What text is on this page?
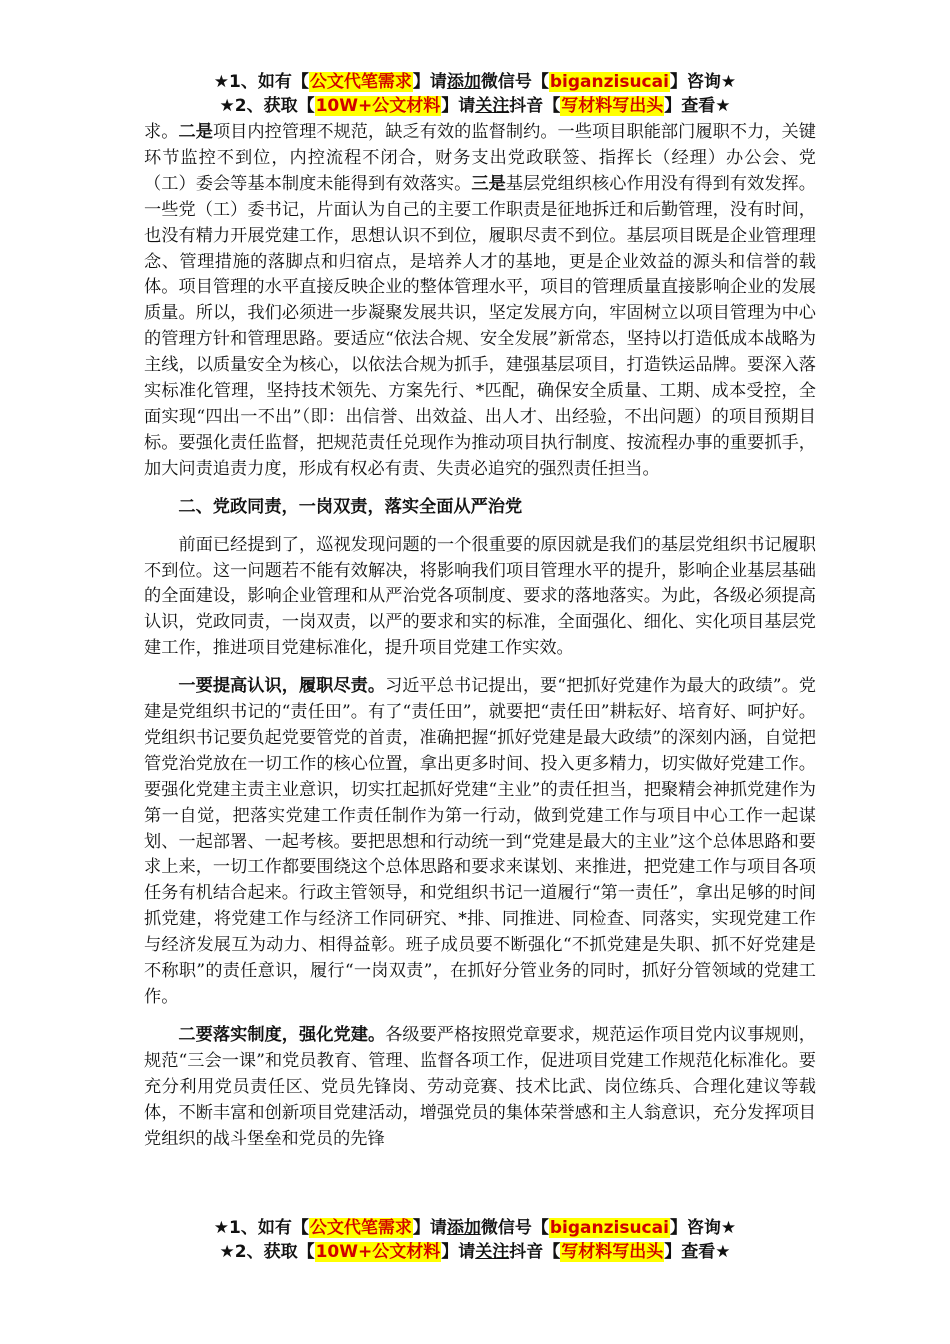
★1、如有【公文代笔需求】请添加微信号【biganzisucai】咨询★
★2、获取【10W+公文材料】请关注抖音【写材料写出头】查看★

求。二是项目内控管理不规范，缺乏有效的监督制约。一些项目职能部门履职不力，关键环节监控不到位，内控流程不闭合，财务支出党政联签、指挥长（经理）办公会、党（工）委会等基本制度未能得到有效落实。三是基层党组织核心作用没有得到有效发挥。一些党（工）委书记，片面认为自己的主要工作职责是征地拆迁和后勤管理，没有时间，也没有精力开展党建工作，思想认识不到位，履职尽责不到位。基层项目既是企业管理理念、管理措施的落脚点和归宿点，是培养人才的基地，更是企业效益的源头和信誉的载体。项目管理的水平直接反映企业的整体管理水平，项目的管理质量直接影响企业的发展质量。所以，我们必须进一步凝聚发展共识，坚定发展方向，牢固树立以项目管理为中心的管理方针和管理思路。要适应“依法合规、安全发展”新常态，坚持以打造低成本战略为主线，以质量安全为核心，以依法合规为抓手，建强基层项目，打造铁运品牌。要深入落实标准化管理，坚持技术领先、方案先行、*匹配，确保安全质量、工期、成本受控，全面实现“四出一不出”（即：出信誉、出效益、出人才、出经验，不出问题）的项目预期目标。要强化责任监督，把规范责任兑现作为推动项目执行制度、按流程办事的重要抓手，加大问责追责力度，形成有权必有责、失责必追究的强烈责任担当。

二、党政同责，一岗双责，落实全面从严治党

前面已经提到了，巡视发现问题的一个很重要的原因就是我们的基层党组织书记履职不到位。这一问题若不能有效解决，将影响我们项目管理水平的提升，影响企业基层基础的全面建设，影响企业管理和从严治党各项制度、要求的落地落实。为此，各级必须提高认识，党政同责，一岗双责，以严的要求和实的标准，全面强化、细化、实化项目基层党建工作，推进项目党建标准化，提升项目党建工作实效。

一要提高认识，履职尽责。习近平总书记提出，要“把抓好党建作为最大的政绩”。党建是党组织书记的“责任田”。有了“责任田”，就要把“责任田”耕耘好、培育好、呵护好。党组织书记要负起党要管党的首责，准确把握“抓好党建是最大政绩”的深刻内涵，自觉把管党治党放在一切工作的核心位置，拿出更多时间、投入更多精力，切实做好党建工作。要强化党建主责主业意识，切实扛起抓好党建“主业”的责任担当，把聚精会神抓党建作为第一自觉，把落实党建工作责任制作为第一行动，做到党建工作与项目中心工作一起谋划、一起部署、一起考核。要把思想和行动统一到“党建是最大的主业”这个总体思路和要求上来，一切工作都要围绕这个总体思路和要求来谋划、来推进，把党建工作与项目各项任务有机结合起来。行政主管领导，和党组织书记一道履行“第一责任”，拿出足够的时间抓党建，将党建工作与经济工作同研究、*排、同推进、同检查、同落实，实现党建工作与经济发展互为动力、相得益彰。班子成员要不断强化“不抓党建是失职、抓不好党建是不称职”的责任意识，履行“一岗双责”，在抓好分管业务的同时，抓好分管领域的党建工作。

二要落实制度，强化党建。各级要严格按照党章要求，规范运作项目党内议事规则，规范“三会一课”和党员教育、管理、监督各项工作，促进项目党建工作规范化标准化。要充分利用党员责任区、党员先锋岗、劳动竞赛、技术比武、岗位练兵、合理化建议等载体，不断丰富和创新项目党建活动，增强党员的集体荣誉感和主人翁意识，充分发挥项目党组织的战斗堡垒和党员的先锋

★1、如有【公文代笔需求】请添加微信号【biganzisucai】咨询★
★2、获取【10W+公文材料】请关注抖音【写材料写出头】查看★
